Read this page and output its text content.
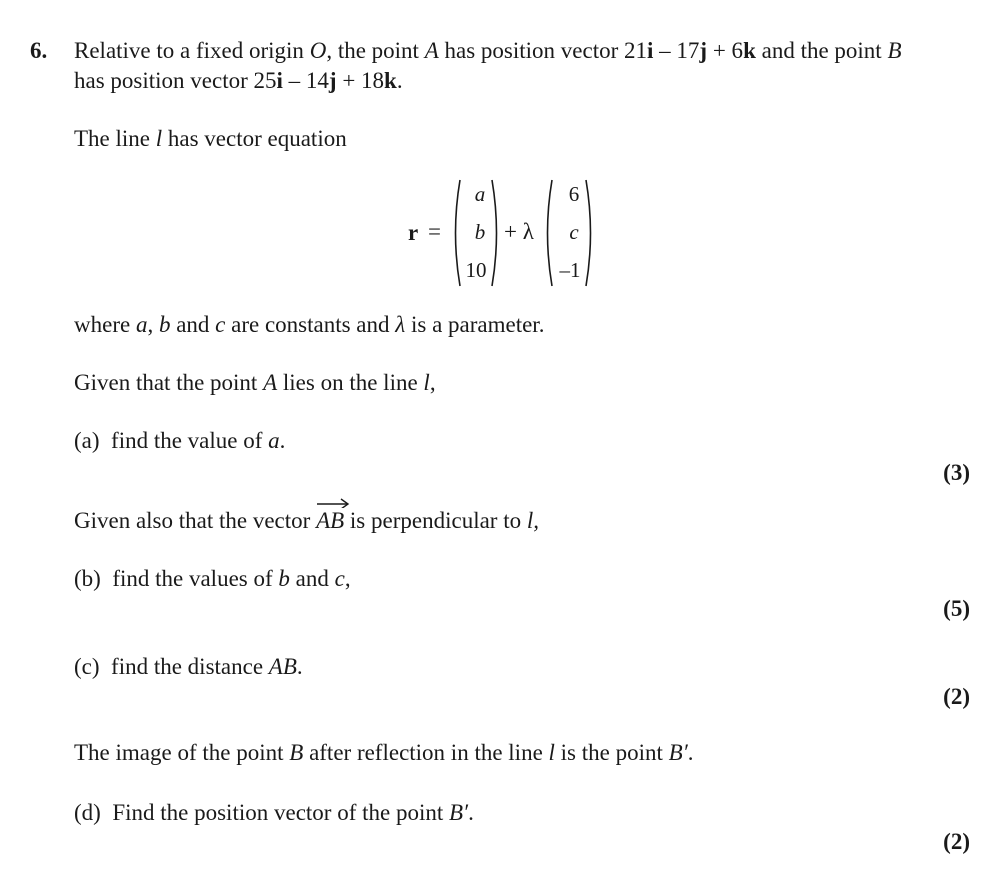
6. Relative to a fixed origin O, the point A has position vector 21i – 17j + 6k and the point B
has position vector 25i – 14j + 18k.
The line l has vector equation
r =
a
b
10
+ λ
6
c
–1
where a, b and c are constants and λ is a parameter.
Given that the point A lies on the line l,
(a) find the value of a.
(3)
Given also that the vector
AB is perpendicular to l,
(b) find the values of b and c,
(5)
(c) find the distance AB.
(2)
The image of the point B after reflection in the line l is the point B′.
(d) Find the position vector of the point B′.
(2)
